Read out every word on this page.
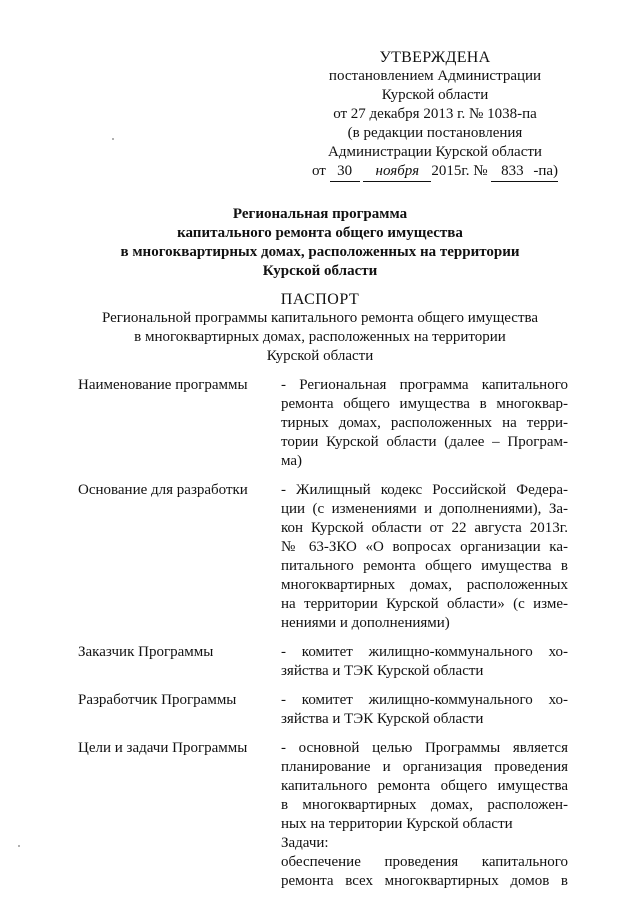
УТВЕРЖДЕНА
постановлением Администрации
Курской области
от 27 декабря 2013 г. № 1038-па
(в редакции постановления
Администрации Курской области
от 30 ноября 2015г. № 833 -па)
Региональная программа
капитального ремонта общего имущества
в многоквартирных домах, расположенных на территории
Курской области
ПАСПОРТ
Региональной программы капитального ремонта общего имущества
в многоквартирных домах, расположенных на территории
Курской области
Наименование программы	- Региональная программа капитального
ремонта общего имущества в многоквар-
тирных домах, расположенных на терри-
тории Курской области (далее – Програм-
ма)
Основание для разработки	- Жилищный кодекс Российской Федера-
ции (с изменениями и дополнениями), За-
кон Курской области от 22 августа 2013г.
№ 63-ЗКО «О вопросах организации ка-
питального ремонта общего имущества в
многоквартирных домах, расположенных
на территории Курской области» (с изме-
нениями и дополнениями)
Заказчик Программы	- комитет жилищно-коммунального хо-
зяйства и ТЭК Курской области
Разработчик Программы	- комитет жилищно-коммунального хо-
зяйства и ТЭК Курской области
Цели и задачи Программы	- основной целью Программы является
планирование и организация проведения
капитального ремонта общего имущества
в многоквартирных домах, расположен-
ных на территории Курской области
Задачи:
обеспечение проведения капитального
ремонта всех многоквартирных домов в
